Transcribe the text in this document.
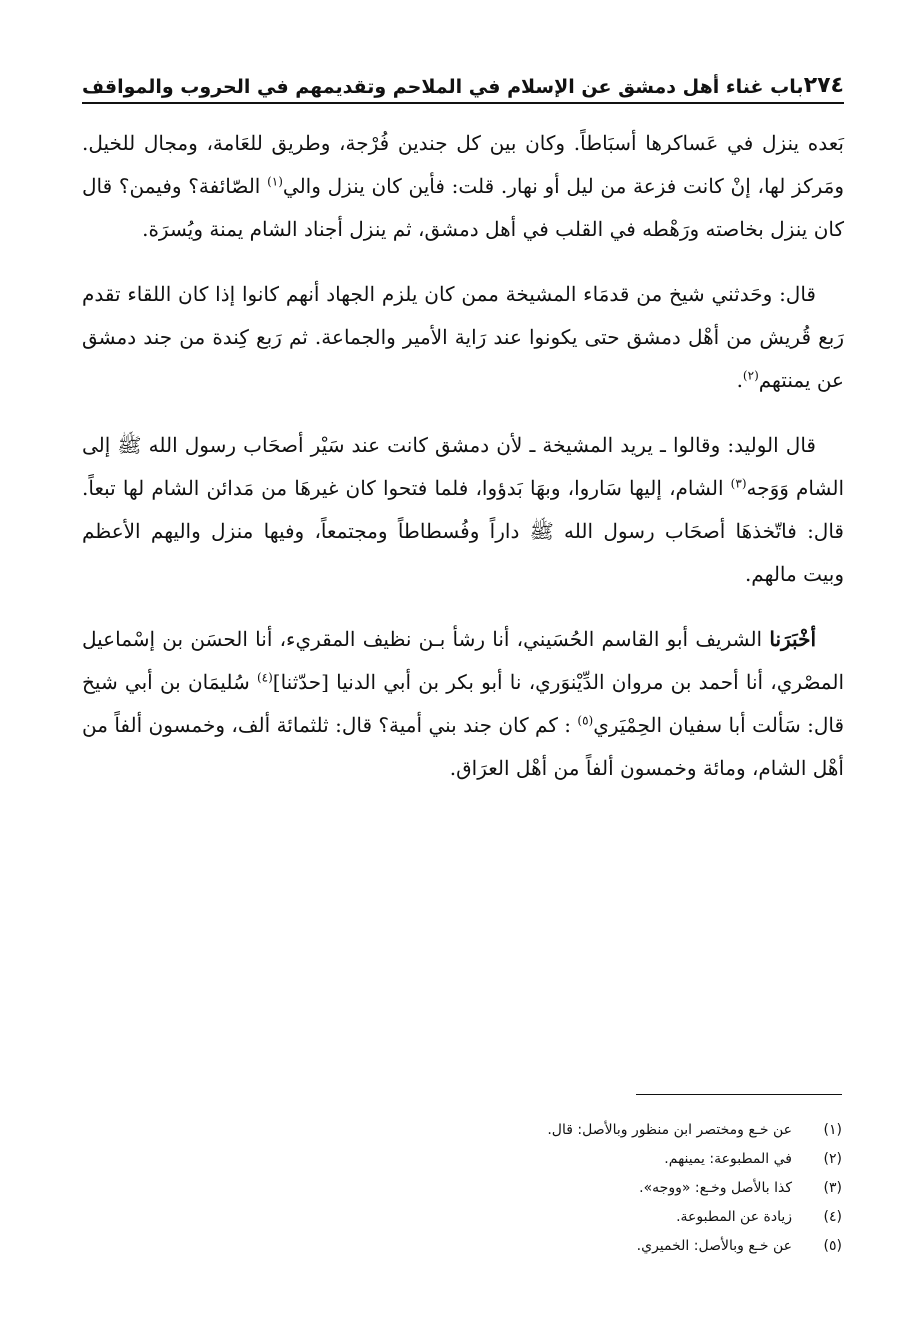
٢٧٤
باب غناء أهل دمشق عن الإسلام في الملاحم وتقديمهم في الحروب والمواقف

بَعده ينزل في عَساكرها أسبَاطاً. وكان بين كل جندين فُرْجة، وطريق للعَامة، ومجال للخيل. ومَركز لها، إنْ كانت فزعة من ليل أو نهار. قلت: فأين كان ينزل والي$^{(١)}$ الصّائفة؟ وفيمن؟ قال كان ينزل بخاصته ورَهْطه في القلب في أهل دمشق، ثم ينزل أجناد الشام يمنة ويُسرَة.

قال: وحَدثني شيخ من قدمَاء المشيخة ممن كان يلزم الجهاد أنهم كانوا إذا كان اللقاء تقدم رَبع قُريش من أهْل دمشق حتى يكونوا عند رَاية الأمير والجماعة. ثم رَبع كِندة من جند دمشق عن يمنتهم$^{(٢)}$.

قال الوليد: وقالوا ـ يريد المشيخة ـ لأن دمشق كانت عند سَيْر أصحَاب رسول الله ﷺ إلى الشام وَوَجه$^{(٣)}$ الشام، إليها سَاروا، وبهَا بَدؤوا، فلما فتحوا كان غيرهَا من مَدائن الشام لها تبعاً. قال: فاتّخذهَا أصحَاب رسول الله ﷺ داراً وفُسطاطاً ومجتمعاً، وفيها منزل واليهم الأعظم وبيت مالهم.

أخْبَرَنا الشريف أبو القاسم الحُسَيني، أنا رشأ بـن نظيف المقريء، أنا الحسَن بن إسْماعيل المصْري، أنا أحمد بن مروان الدِّيْنوَري، نا أبو بكر بن أبي الدنيا [حدّثنا]$^{(٤)}$ سُليمَان بن أبي شيخ قال: سَألت أبا سفيان الحِمْيَري$^{(٥)}$ : كم كان جند بني أمية؟ قال: ثلثمائة ألف، وخمسون ألفاً من أهْل الشام، ومائة وخمسون ألفاً من أهْل العرَاق.

(١)
عن خـع ومختصر ابن منظور وبالأصل: قال.
(٢)
في المطبوعة: يمينهم.
(٣)
كذا بالأصل وخـع: «ووجه».
(٤)
زيادة عن المطبوعة.
(٥)
عن خـع وبالأصل: الخميري.
